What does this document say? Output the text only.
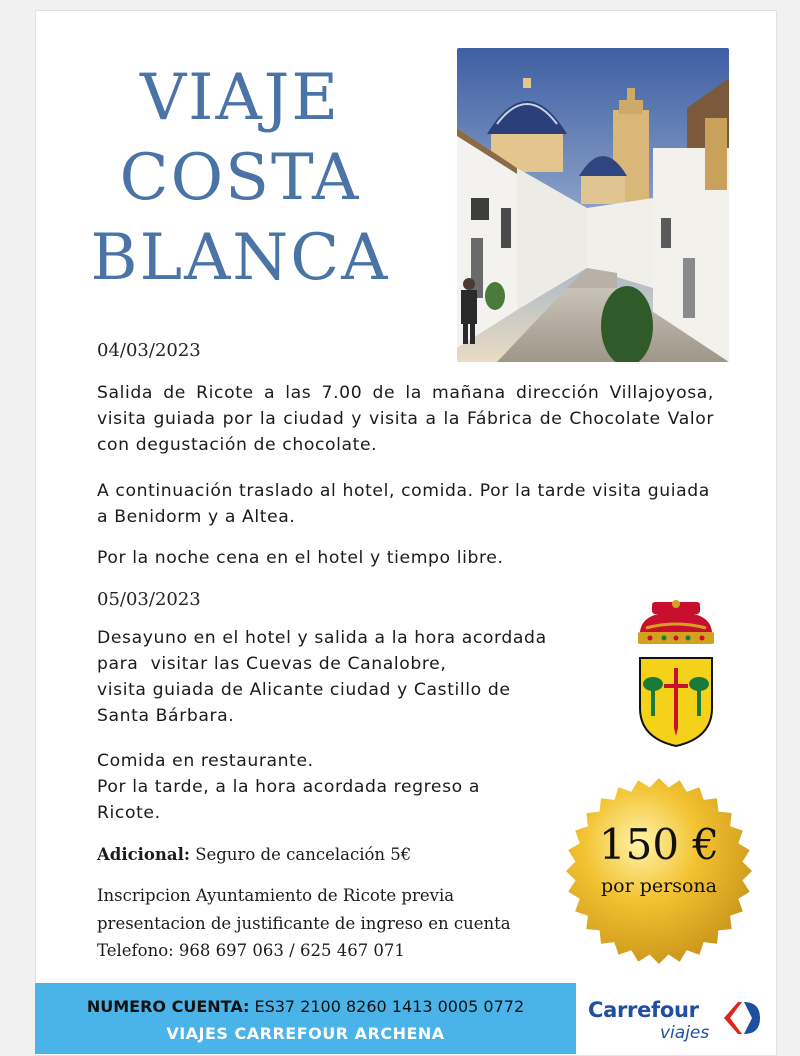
VIAJE
COSTA
BLANCA
04/03/2023
Salida de Ricote a las 7.00 de la mañana dirección Villajoyosa, visita guiada por la ciudad y visita a la Fábrica de Chocolate Valor con degustación de chocolate.
A continuación traslado al hotel, comida. Por la tarde visita guiada a Benidorm y a Altea.
Por la noche cena en el hotel y tiempo libre.
05/03/2023
Desayuno en el hotel y salida a la hora acordada
para  visitar las Cuevas de Canalobre,
visita guiada de Alicante ciudad y Castillo de
Santa Bárbara.
Comida en restaurante.
Por la tarde, a la hora acordada regreso a
Ricote.
150 €
por persona
Adicional: Seguro de cancelación 5€
Inscripcion Ayuntamiento de Ricote previa
presentacion de justificante de ingreso en cuenta
Telefono: 968 697 063 / 625 467 071
NUMERO CUENTA: ES37 2100 8260 1413 0005 0772
VIAJES CARREFOUR ARCHENA
Carrefour
viajes
